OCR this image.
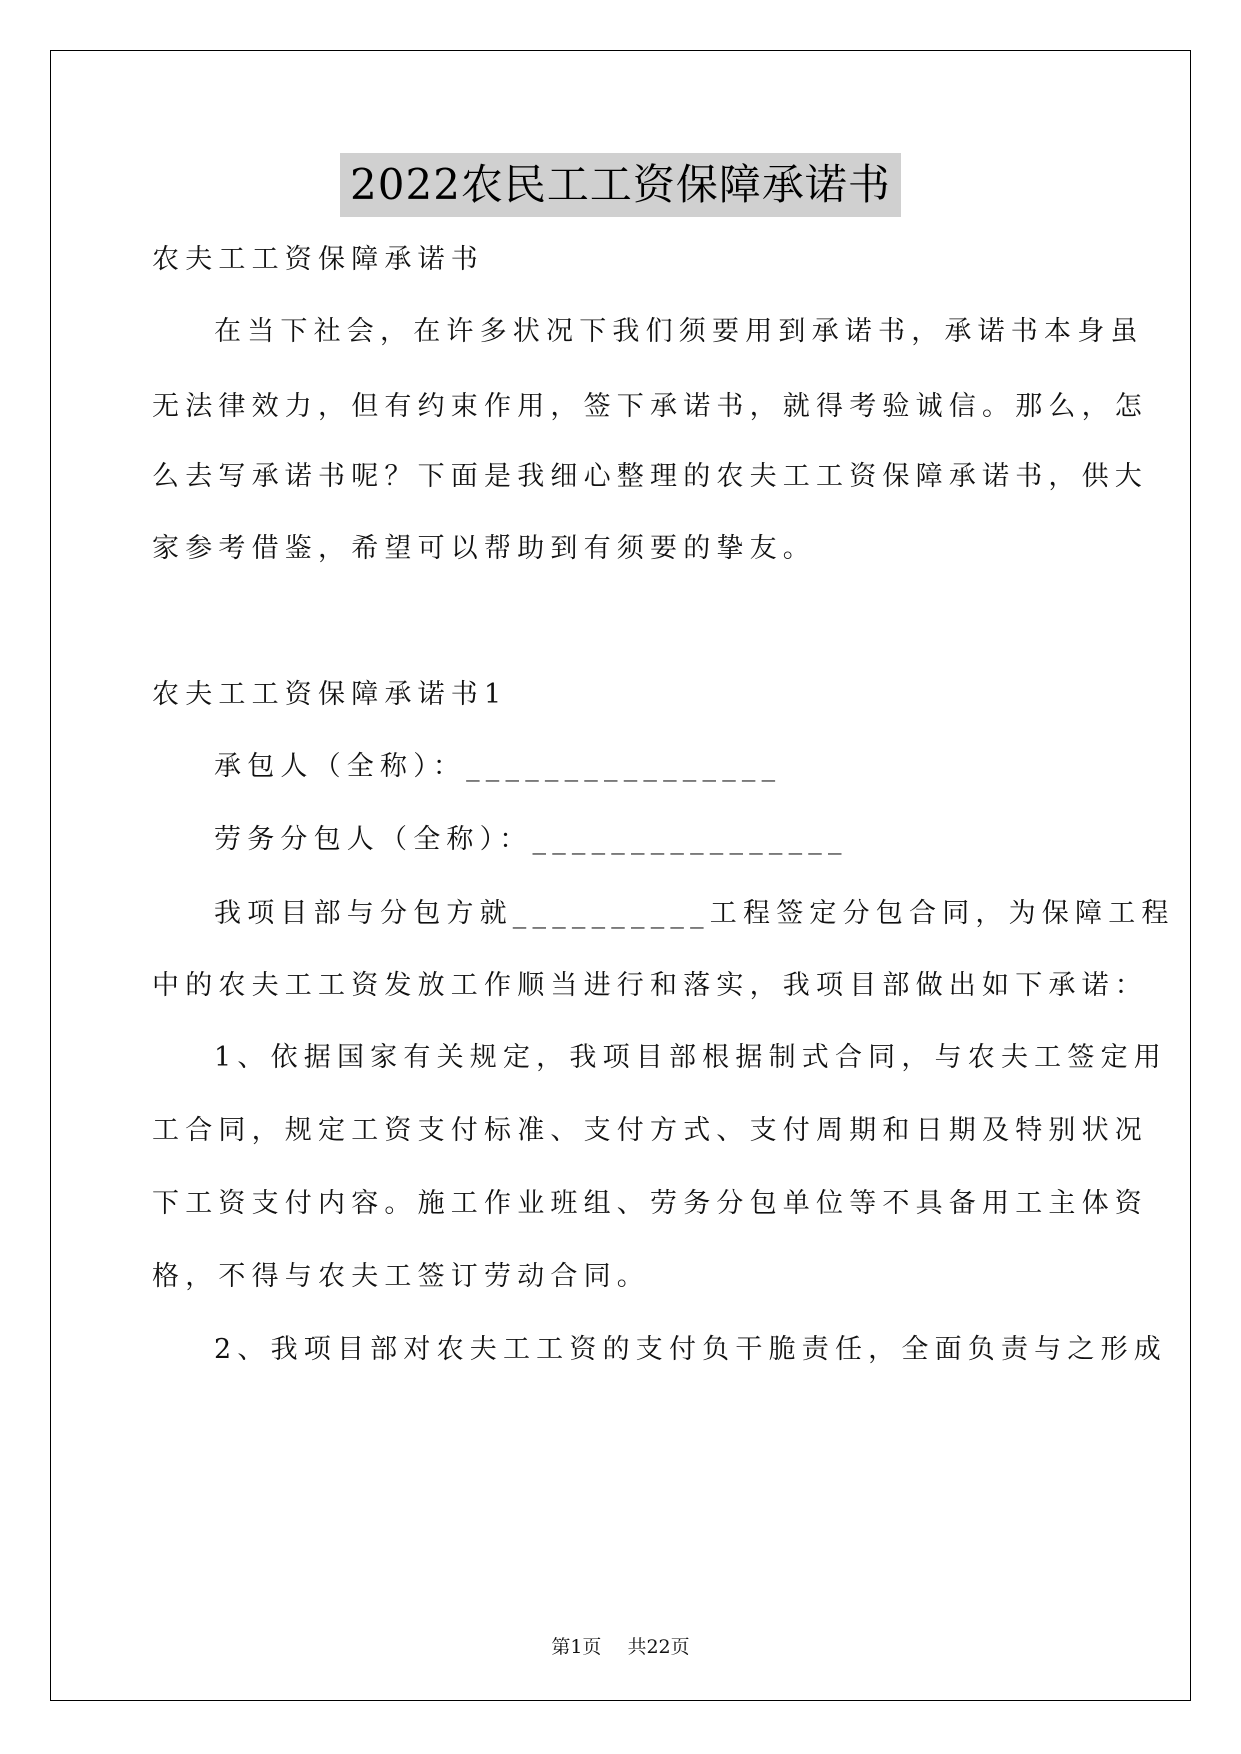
2022农民工工资保障承诺书
农夫工工资保障承诺书
在当下社会，在许多状况下我们须要用到承诺书，承诺书本身虽
无法律效力，但有约束作用，签下承诺书，就得考验诚信。那么，怎
么去写承诺书呢？下面是我细心整理的农夫工工资保障承诺书，供大
家参考借鉴，希望可以帮助到有须要的挚友。
农夫工工资保障承诺书1
承包人（全称）：________________
劳务分包人（全称）：________________
我项目部与分包方就__________工程签定分包合同，为保障工程
中的农夫工工资发放工作顺当进行和落实，我项目部做出如下承诺：
1、依据国家有关规定，我项目部根据制式合同，与农夫工签定用
工合同，规定工资支付标准、支付方式、支付周期和日期及特别状况
下工资支付内容。施工作业班组、劳务分包单位等不具备用工主体资
格，不得与农夫工签订劳动合同。
2、我项目部对农夫工工资的支付负干脆责任，全面负责与之形成
第1页 共22页
